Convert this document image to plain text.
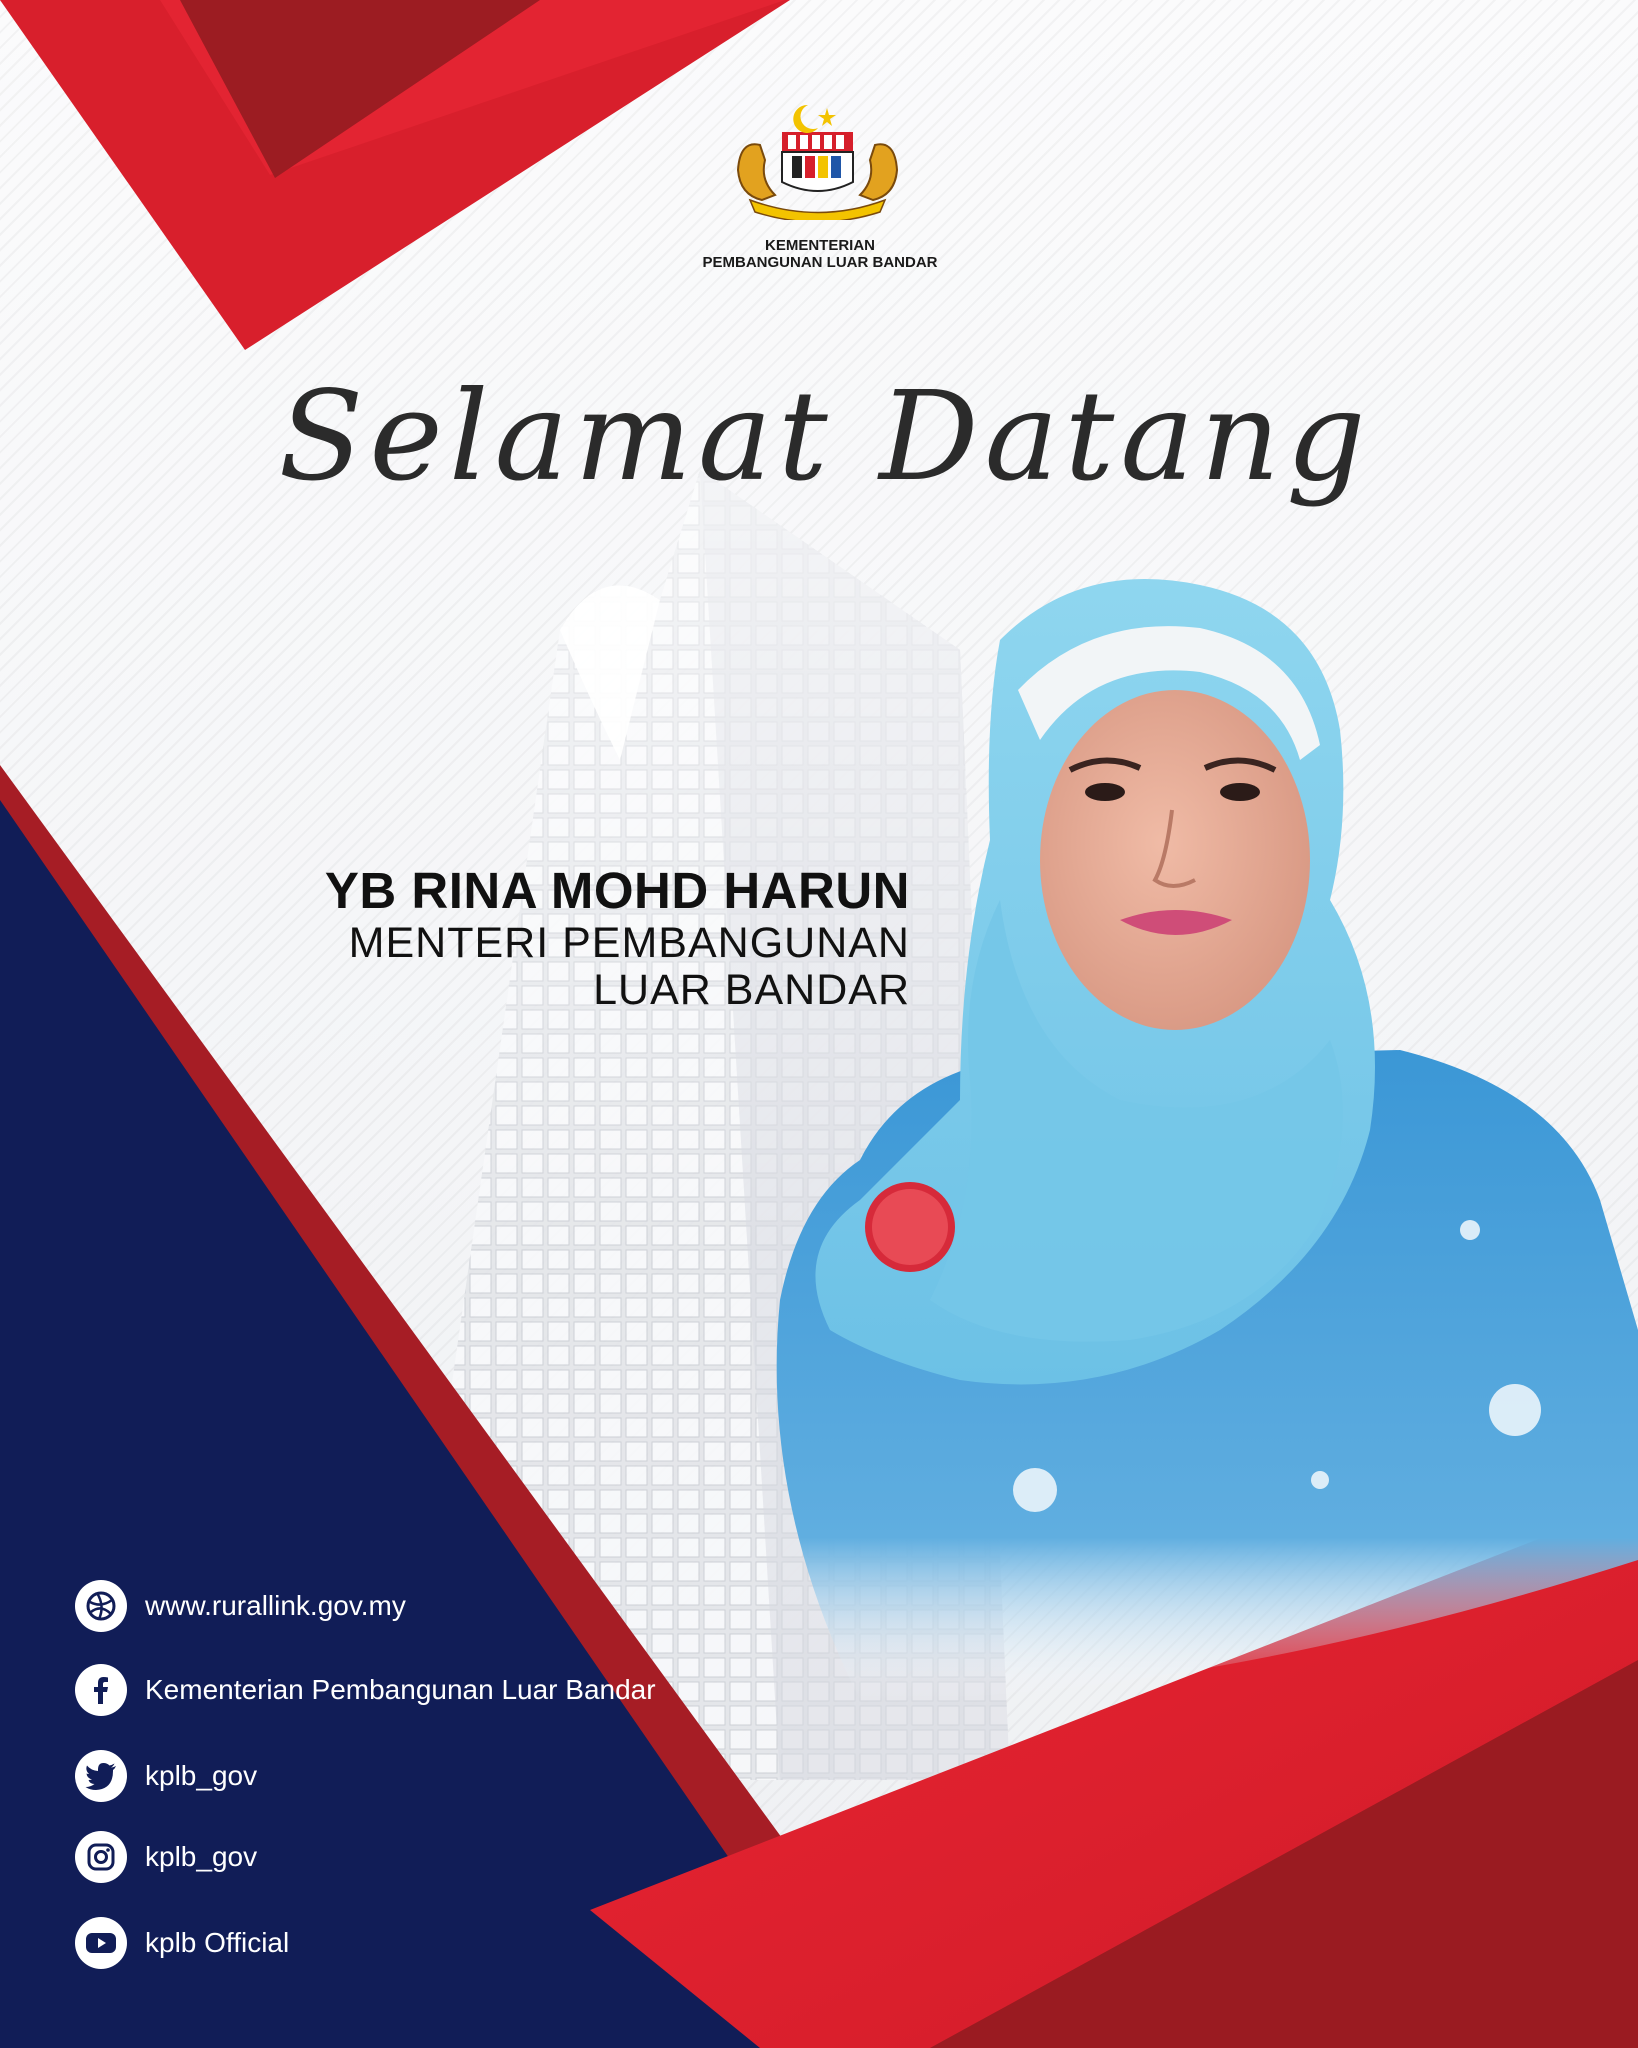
KEMENTERIAN
PEMBANGUNAN LUAR BANDAR
Selamat Datang
YB RINA MOHD HARUN
MENTERI PEMBANGUNAN
LUAR BANDAR
www.rurallink.gov.my
Kementerian Pembangunan Luar Bandar
kplb_gov
kplb_gov
kplb Official
